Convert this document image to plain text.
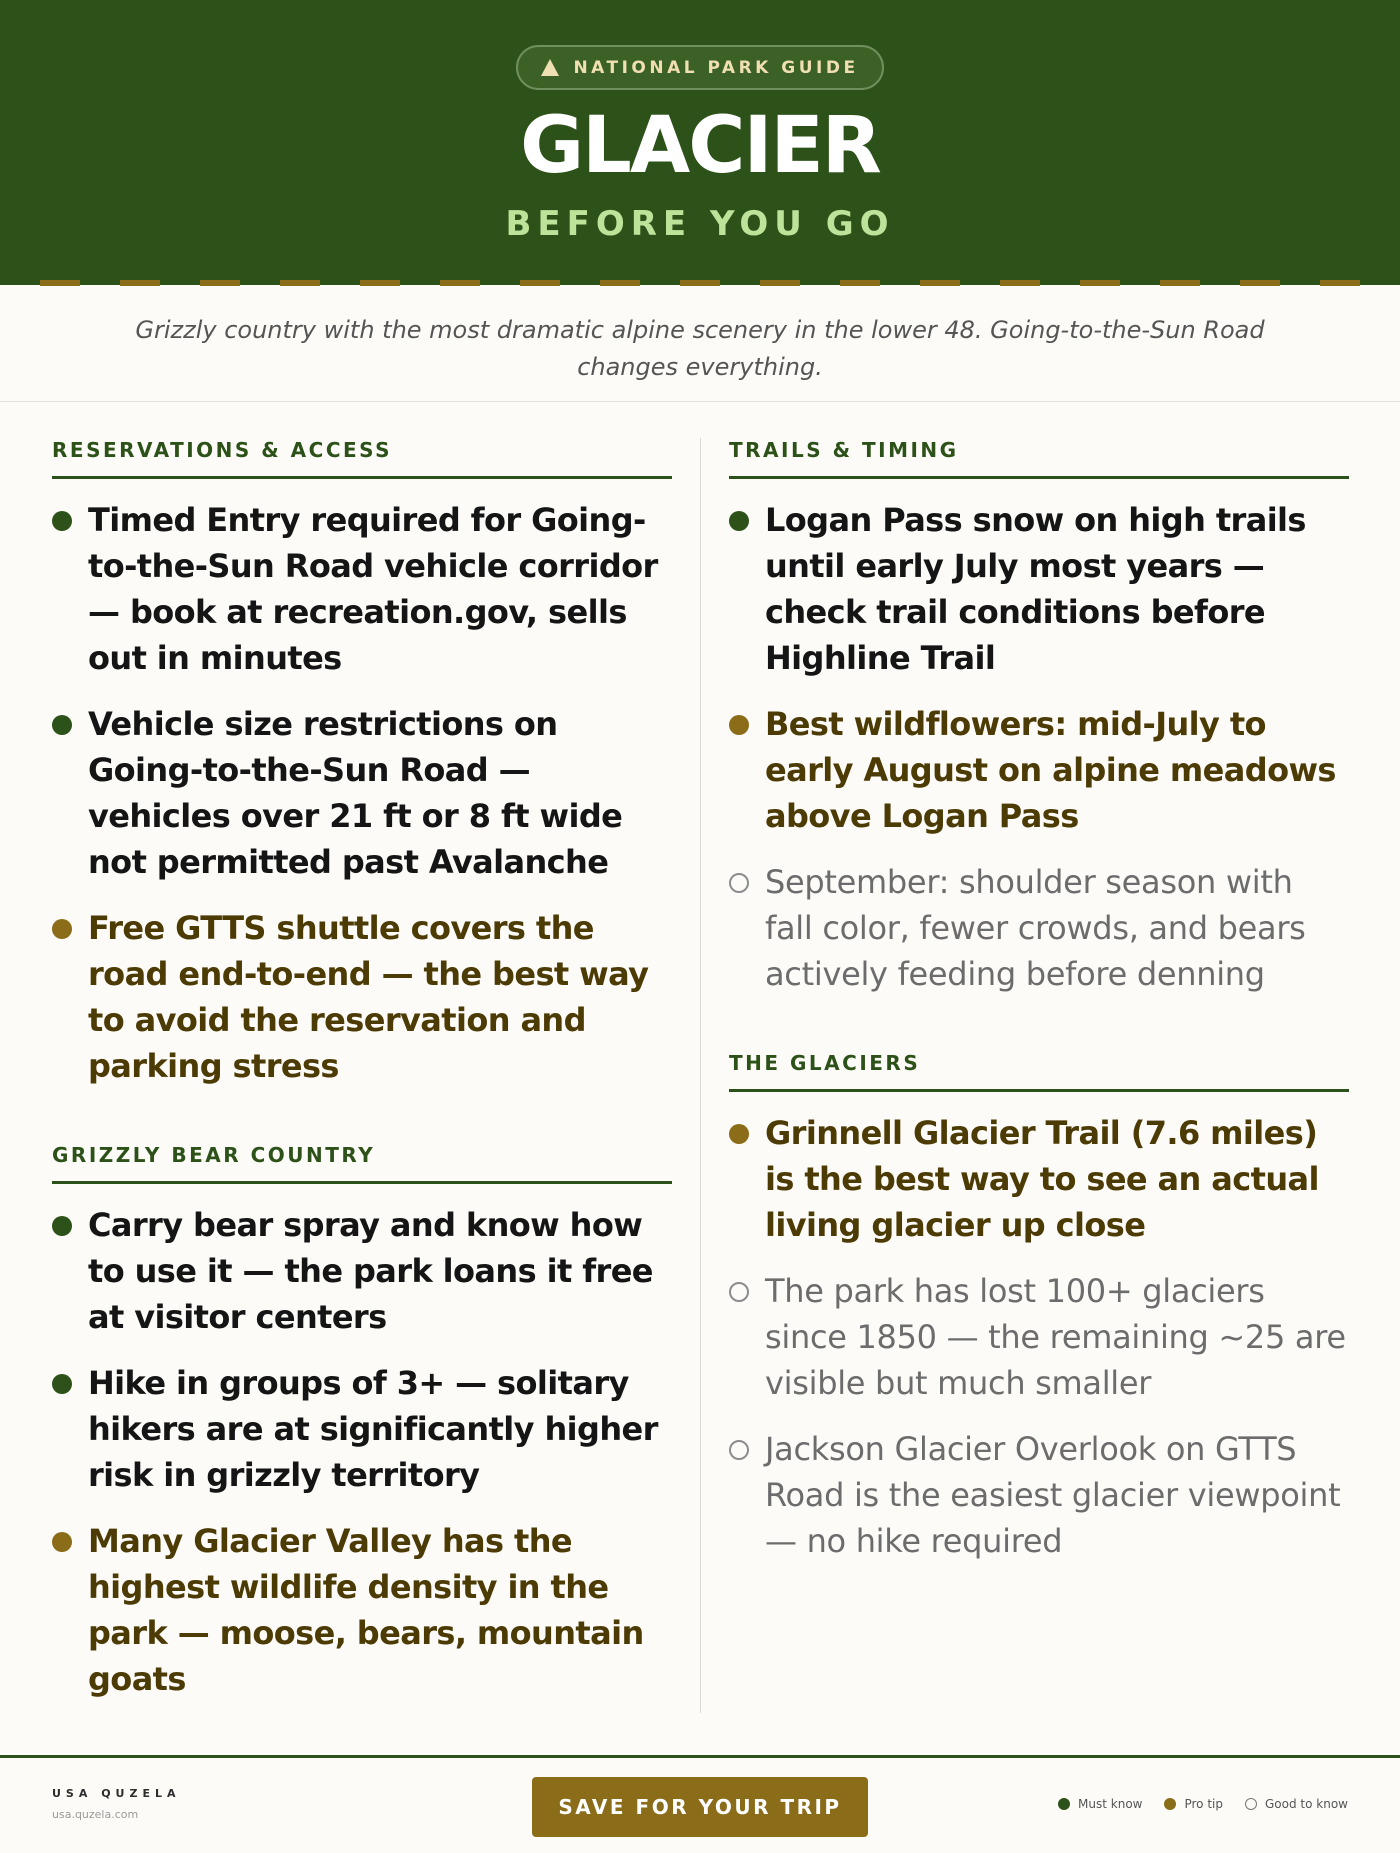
NATIONAL PARK GUIDE
GLACIER
BEFORE YOU GO

Grizzly country with the most dramatic alpine scenery in the lower 48. Going-to-the-Sun Road changes everything.

RESERVATIONS & ACCESS
Timed Entry required for Going-to-the-Sun Road vehicle corridor — book at recreation.gov, sells out in minutes
Vehicle size restrictions on Going-to-the-Sun Road — vehicles over 21 ft or 8 ft wide not permitted past Avalanche
Free GTTS shuttle covers the road end-to-end — the best way to avoid the reservation and parking stress
GRIZZLY BEAR COUNTRY
Carry bear spray and know how to use it — the park loans it free at visitor centers
Hike in groups of 3+ — solitary hikers are at significantly higher risk in grizzly territory
Many Glacier Valley has the highest wildlife density in the park — moose, bears, mountain goats
TRAILS & TIMING
Logan Pass snow on high trails until early July most years — check trail conditions before Highline Trail
Best wildflowers: mid-July to early August on alpine meadows above Logan Pass
September: shoulder season with fall color, fewer crowds, and bears actively feeding before denning
THE GLACIERS
Grinnell Glacier Trail (7.6 miles) is the best way to see an actual living glacier up close
The park has lost 100+ glaciers since 1850 — the remaining ~25 are visible but much smaller
Jackson Glacier Overlook on GTTS Road is the easiest glacier viewpoint — no hike required
USA QUZELA
usa.quzela.com	SAVE FOR YOUR TRIP	Must know	Pro tip	Good to know
